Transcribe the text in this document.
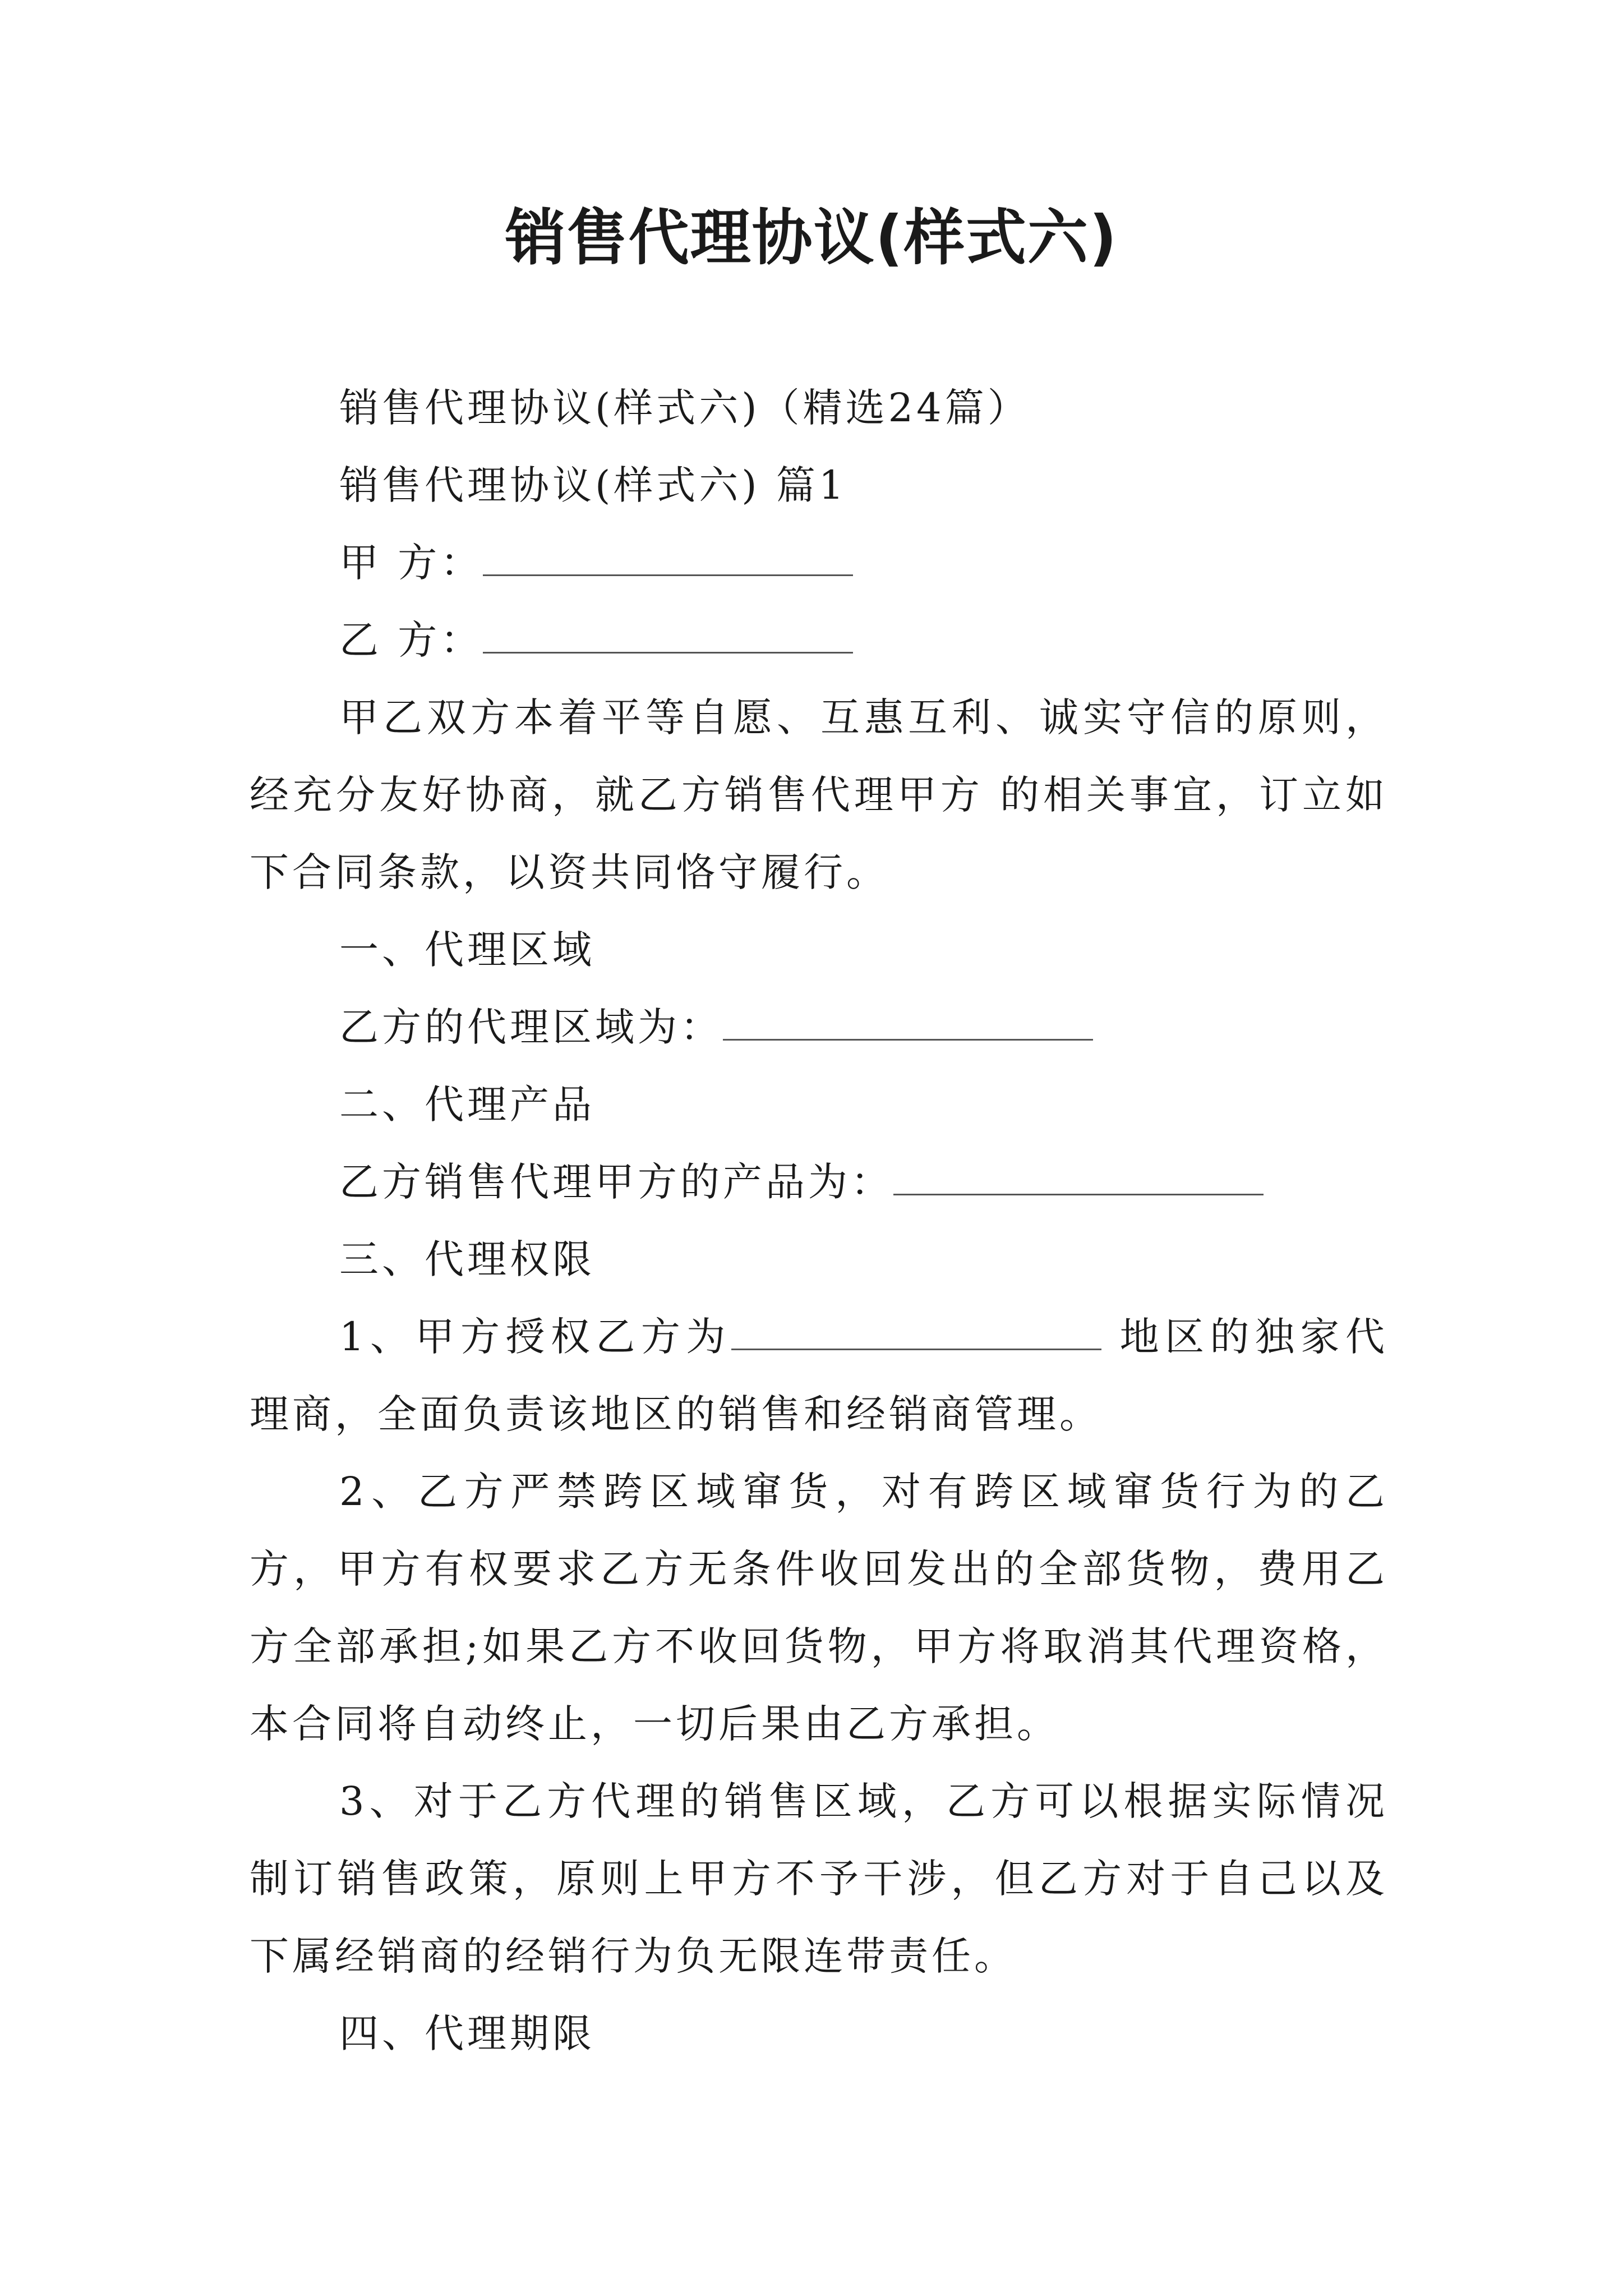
销售代理协议(样式六)
销售代理协议(样式六)（精选24篇）
销售代理协议(样式六) 篇1
甲 方：
乙 方：
甲乙双方本着平等自愿、互惠互利、诚实守信的原则，经充分友好协商，就乙方销售代理甲方 的相关事宜，订立如下合同条款，以资共同恪守履行。
一、代理区域
乙方的代理区域为：
二、代理产品
乙方销售代理甲方的产品为：
三、代理权限
1、甲方授权乙方为	地区的独家代理商，全面负责该地区的销售和经销商管理。
2、乙方严禁跨区域窜货，对有跨区域窜货行为的乙方，甲方有权要求乙方无条件收回发出的全部货物，费用乙方全部承担;如果乙方不收回货物，甲方将取消其代理资格，本合同将自动终止，一切后果由乙方承担。
3、对于乙方代理的销售区域，乙方可以根据实际情况制订销售政策，原则上甲方不予干涉，但乙方对于自己以及下属经销商的经销行为负无限连带责任。
四、代理期限
